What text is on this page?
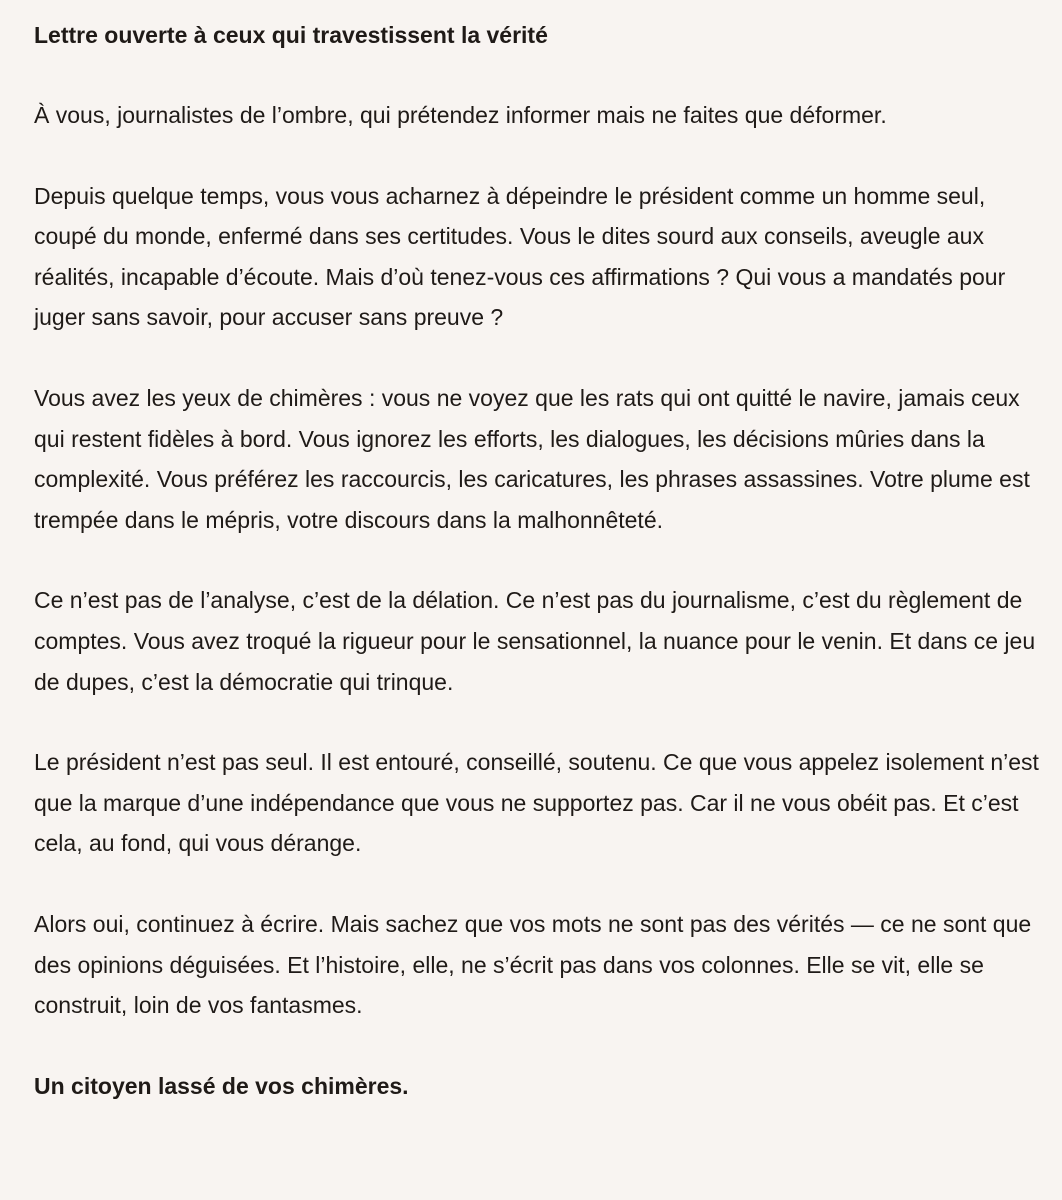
Lettre ouverte à ceux qui travestissent la vérité

À vous, journalistes de l’ombre, qui prétendez informer mais ne faites que déformer.

Depuis quelque temps, vous vous acharnez à dépeindre le président comme un homme seul, coupé du monde, enfermé dans ses certitudes. Vous le dites sourd aux conseils, aveugle aux réalités, incapable d’écoute. Mais d’où tenez-vous ces affirmations ? Qui vous a mandatés pour juger sans savoir, pour accuser sans preuve ?

Vous avez les yeux de chimères : vous ne voyez que les rats qui ont quitté le navire, jamais ceux qui restent fidèles à bord. Vous ignorez les efforts, les dialogues, les décisions mûries dans la complexité. Vous préférez les raccourcis, les caricatures, les phrases assassines. Votre plume est trempée dans le mépris, votre discours dans la malhonnêteté.

Ce n’est pas de l’analyse, c’est de la délation. Ce n’est pas du journalisme, c’est du règlement de comptes. Vous avez troqué la rigueur pour le sensationnel, la nuance pour le venin. Et dans ce jeu de dupes, c’est la démocratie qui trinque.

Le président n’est pas seul. Il est entouré, conseillé, soutenu. Ce que vous appelez isolement n’est que la marque d’une indépendance que vous ne supportez pas. Car il ne vous obéit pas. Et c’est cela, au fond, qui vous dérange.

Alors oui, continuez à écrire. Mais sachez que vos mots ne sont pas des vérités — ce ne sont que des opinions déguisées. Et l’histoire, elle, ne s’écrit pas dans vos colonnes. Elle se vit, elle se construit, loin de vos fantasmes.

Un citoyen lassé de vos chimères.
